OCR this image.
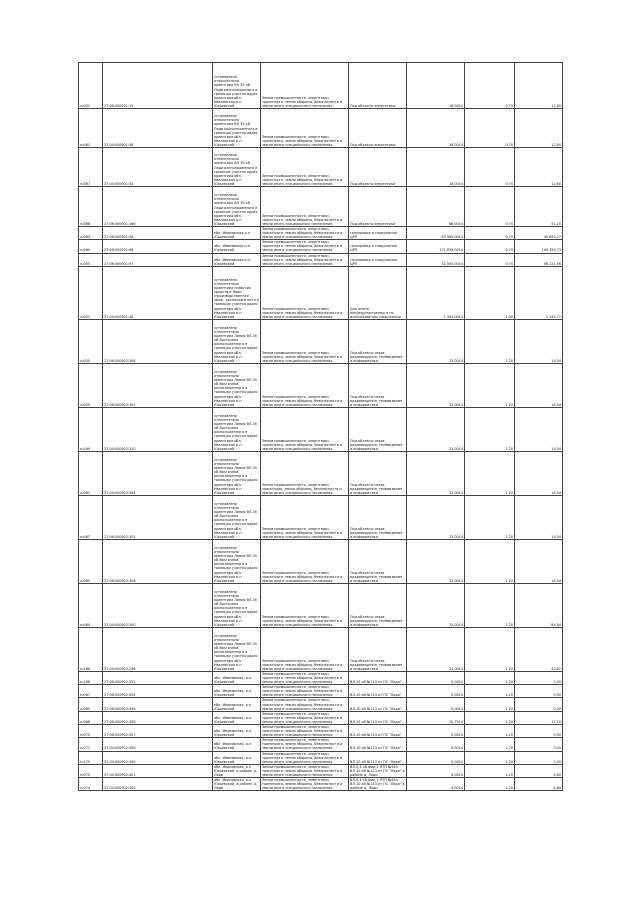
ru031	27:06:000901:15	установлено относительно ориентира ВЛ 35 кВ Ляди расположенного в границах участка адрес ориентира обл. Ивановская р-н Юрьевский	Земли промышленности, энергетики, транспорта, земли обороны, безопасности и земли иного специального назначения	Под объекты энергетики	18,0014	0,70	12,60

ru061	37:04:000901:58	установлено относительно ориентира ВЛ 35 кВ Ляди расположенного в границах участка адрес ориентира обл. Ивановская р-н Юрьевский	Земли промышленности, энергетики, транспорта, земли обороны, безопасности и земли иного специального назначения	Под объекты энергетики	18,0014	0,70	12,60

ru067	37:04:000901:54	установлено относительно ориентира ВЛ 35 кВ Ляди расположенного в границах участка адрес ориентира обл. Ивановская р-н Юрьевский	Земли промышленности, энергетики, транспорта, земли обороны, безопасности и земли иного специального назначения	Под объекты энергетики	18,0014	0,70	12,60

ru066	27:06:000901:166	установлено относительно ориентира ВЛ 35 кВ Ляди расположенного в границах участка адрес ориентира обл. Ивановская р-н Юрьевский	Земли промышленности, энергетики, транспорта, земли обороны, безопасности и земли иного специального назначения	Под объекты энергетики	68,0014	0,70	51,20

ru064	27:06:000901:58	обл. Ивановская р-н Юрьевский	Земли промышленности, энергетики, транспорта, земли обороны, безопасности и земли иного специального назначения	газопровод и сооружения ЦРП	63 969,0014	0,70	49 893,27

ru065	27:06:000901:96	обл. Ивановская р-н Юрьевский	Земли промышленности, энергетики, транспорта, земли обороны, безопасности и земли иного специального назначения	газопровод и сооружения ЦРП	171 639,0014	0,70	140 354,73

ru055	27:06:000901:97	обл. Ивановская р-н Юрьевский	Земли промышленности, энергетики, транспорта, земли обороны, безопасности и земли иного специального назначения	газопровод и сооружения ЦРП	31 005,0014	0,70	56 121,56

ru051	37:04:000901:48	установлено относительно ориентира плавучих средств в Ляди (производственная зона), расположенного в границах участка адрес ориентира обл. Ивановская р-н Юрьевский	Земли промышленности, энергетики, транспорта, земли обороны, безопасности и земли иного специального назначения	Для иного/непредусмотренного по использованию сооружения	1 344,0014	1,00	1 145,71

ru055	27:06:000902:306	установлено относительно ориентира Линия ВЛ-35 кВ Восточная расположенного в границах участка адрес ориентира обл. Ивановская р-н Юрьевский	Земли промышленности, энергетики, транспорта, земли обороны, безопасности и земли иного специального назначения	Под объекты связи, радиовещания, телевидения и информатики	13,0014	1,20	14,04

ru059	27:06:000902:302	установлено относительно ориентира Линия ВЛ-35 кВ Восточная расположенного в границах участка адрес ориентира обл. Ивановская р-н Юрьевский	Земли промышленности, энергетики, транспорта, земли обороны, безопасности и земли иного специального назначения	Под объекты связи радиовещания, телевидения и информатики	11,0014	1,20	14,04

ru599	37:04:000902:310	установлено относительно ориентира Линия ВЛ-35 кВ Восточная расположенного в границах участка адрес ориентира обл. Ивановская р-н Юрьевский	Земли промышленности, энергетики, транспорта, земли обороны, безопасности и земли иного специального назначения	Под объекты связи, радиовещания, телевидения и информатики	31,0014	1,20	14,04

ru061	37:04:000902:294	установлено относительно ориентира Линия ВЛ-35 кВ Восточная расположенного в границах участка адрес ориентира обл. Ивановская р-н Юрьевский	Земли промышленности, энергетики, транспорta, земли обороны, безопасности и земли иного специального назначения	Под объекты связи, радиовещания, телевидения и информатики	11,0014	1,20	14,04

ru067	27:06:000902:305	установлено относительно ориентира Линия ВЛ-35 кВ Восточная расположенного в границах участка адрес ориентира обл. Ивановская р-н Юрьевский	Земли промышленности, энергетики, транспорта, земли обороны, безопасности и земли иного специального назначения	Под объекты связи, радиовещания, телевидения и информатики	13,0014	1,20	14,04

ru065	27:06:000902:308	установлено относительно ориентира Линия ВЛ-35 кВ Восточная расположенного в границах участка адрес ориентира обл. Ивановская р-н Юрьевский	Земли промышленности, энергетики, транспорта, земли обороны, безопасности и земли иного специального назначения	Под объекты связи радиовещания, телевидения и информатики	11,0014	1,20	14,04

ru064	37:04:000902:300	установлено относительно ориентира Линия ВЛ-35 кВ Восточная расположенного в границах участка адрес ориентира обл. Ивановская р-н Юрьевский	Земли промышленности, энергетики, транспорта, земли обороны, безопасности и земли иного специального назначения	Под объекты связи, радиовещания, телевидения и информатики	70,0014	1,20	84,84

ru168	37:04:000902:296	установлено относительно ориентира Линия ВЛ-35 кВ Восточная расположенного в границах участка адрес ориентира обл. Ивановская р-н Юрьевский	Земли промышленности, энергетики, транспорта, земли обороны, безопасности и земли иного специального назначения	Под объекты связи, радиовещания, телевидения и информатики	31,0014	1,20	40,81

ru166	27:06:000902:352	обл. Ивановская, р-н Юрьевский	Земли промышленности, энергетики, транспорта, земли обороны, безопасности и земли иного специального назначения	ВЛ-10 кВ №113 от ПС "Ляди"	0,0014	1,20	0,00

ru067	27:06:000902:354	обл. Ивановская, р-н Юрьевский	Земли промышленности, энергетики, транспорта, земли обороны, безопасности и земли иного специального назначения	ВЛ-10 кВ №113 от ПС "Ляди"	0,0014	1,20	0,00

ru065	27:06:000902:356	обл. Ивановская, р-н Юрьевский	Земли промышленности, энергетики, транспорта, земли обороны, безопасности и земли иного специального назначения	ВЛ-10 кВ №113 от ПС "Ляди"	0,0014	1,20	0,00

ru068	27:06:000902:358	обл. Ивановская, р-н Юрьевский	Земли промышленности, энергетики, транспорта, земли обороны, безопасности и земли иного специального назначения	ВЛ-10 кВ №113 от ПС "Ляди"	10,7014	1,20	12,10

ru070	27:06:000902:357	обл. Ивановская, р-н Юрьевский	Земли промышленности, энергетики, транспорта, земли обороны, безопасности и земли иного специального назначения	ВЛ-10 кВ №113 от ПС "Ляди"	0,0014	1,20	0,00

ru071	37:04:000902:396	обл. Ивановская, р-н Юрьевский	Земли промышленности, энергетики, транспорта, земли обороны, безопасности и земли иного специального назначения	ВЛ-10 кВ №113 от ПС "Ляди"	0,0014	1,20	0,00

ru175	37:04:000902:349	обл. Ивановская, р-н Юрьевский	Земли промышленности, энергетики, транспорта, земли обороны, безопасности и земли иного специального назначения	ВЛ-10 кВ №113 от ПС "Ляди"	0,0014	1,20	0,00

ru070	37:04:000902:401	обл. Ивановская, р-н Юрьевский, в районе д. Ляди	Земли промышленности, энергетики, транспорта, земли обороны, безопасности и земли иного специального назначения	ВЛ-0,4 кВ фид 1 ЯТП №610 ВЛ-10 кВ №113 от ПС "Ляди" в районе д. Ляди	4,0014	1,20	4,80

ru074	37:04:000902:405	обл. Ивановская, р-н Юрьевский, в районе д. Ляди	Земли промышленности, энергетики, транспорта, земли обороны, безопасности и земли иного специального назначения	ВЛ-0,4 кВ фид 1 ЯТП №610 ВЛ-10 кВ №113 от ПС "Ляди" в районе д. Ляди	4,0014	1,20	4,80
